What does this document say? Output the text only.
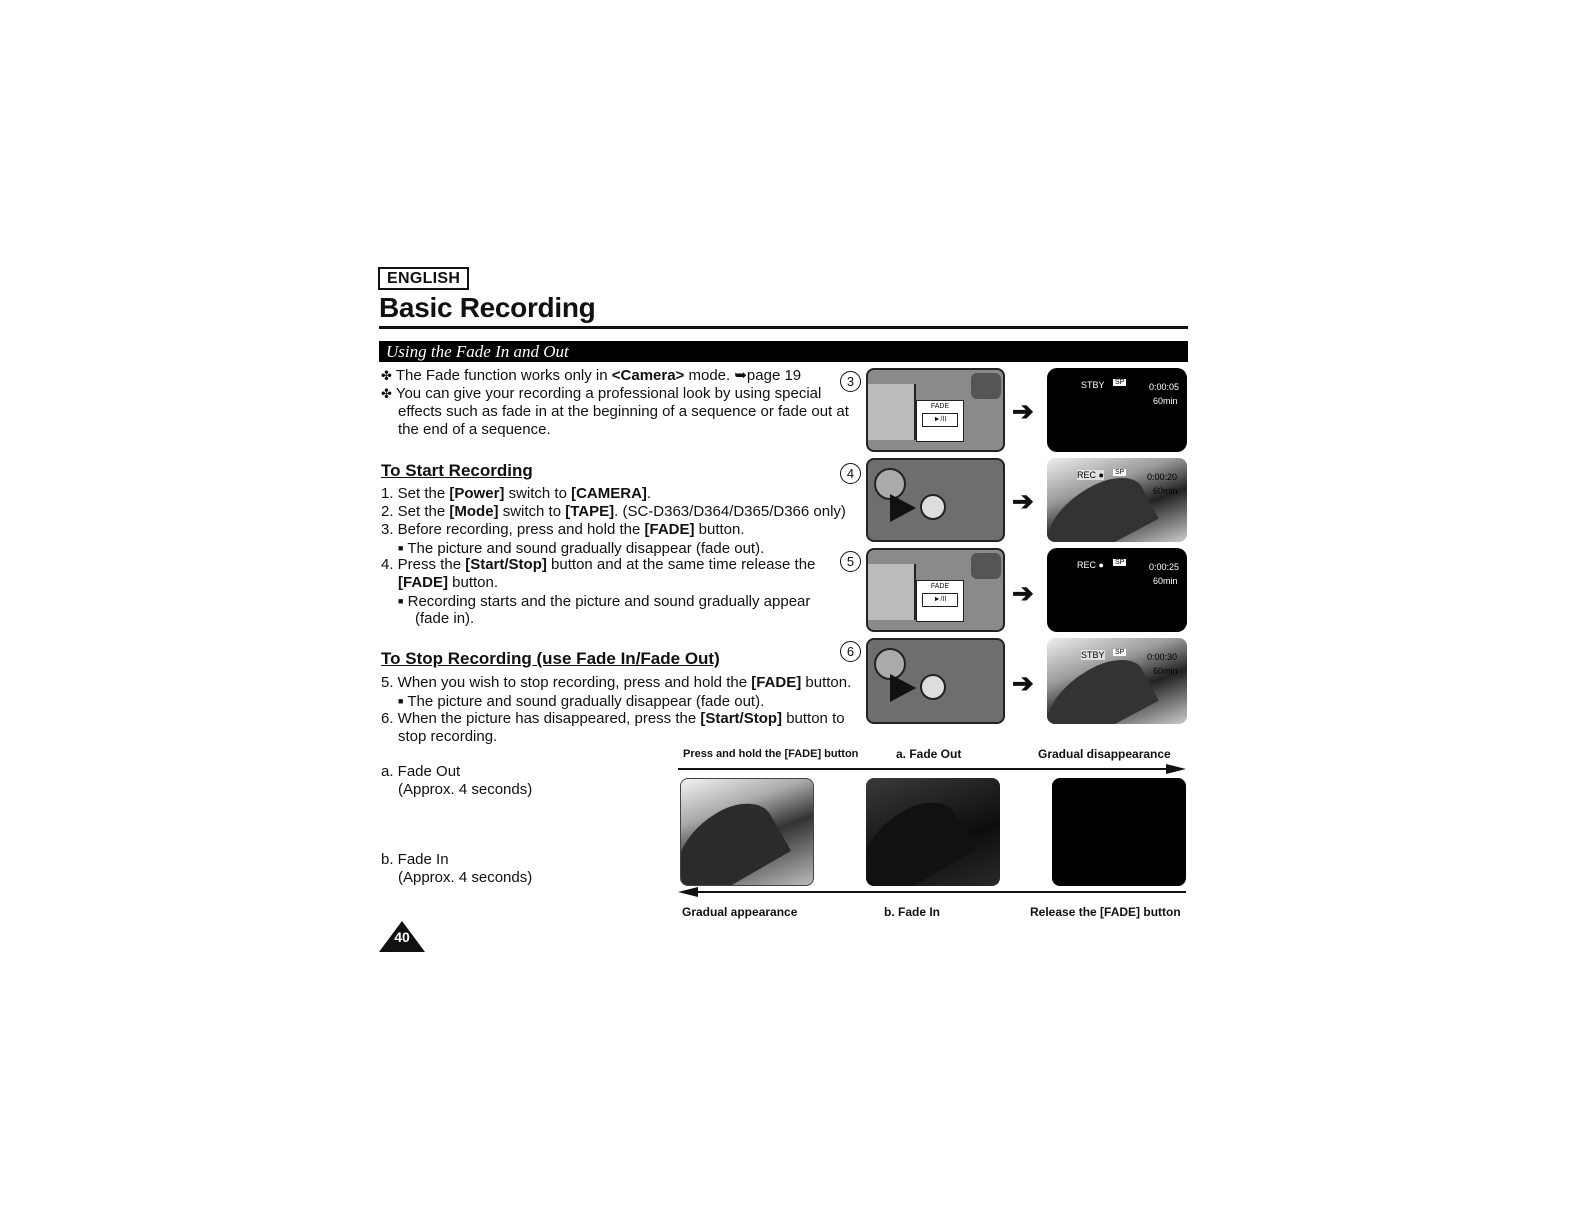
ENGLISH
Basic Recording
Using the Fade In and Out
✤ The Fade function works only in <Camera> mode. ➥page 19
✤ You can give your recording a professional look by using special
effects such as fade in at the beginning of a sequence or fade out at
the end of a sequence.
To Start Recording
1. Set the [Power] switch to [CAMERA].
2. Set the [Mode] switch to [TAPE]. (SC-D363/D364/D365/D366 only)
3. Before recording, press and hold the [FADE] button.
■ The picture and sound gradually disappear (fade out).
4. Press the [Start/Stop] button and at the same time release the
[FADE] button.
■ Recording starts and the picture and sound gradually appear
(fade in).
To Stop Recording (use Fade In/Fade Out)
5. When you wish to stop recording, press and hold the [FADE] button.
■ The picture and sound gradually disappear (fade out).
6. When the picture has disappeared, press the [Start/Stop] button to
stop recording.
a. Fade Out
(Approx. 4 seconds)
b. Fade In
(Approx. 4 seconds)
3
FADE
►/II	➔
STBY SP	0:00:05
60min
4
➔
REC ● SP	0:00:20
60min
5
FADE
►/II	➔
REC ● SP	0:00:25
60min
6
➔
STBY SP	0:00:30
60min
Press and hold the [FADE] button	a. Fade Out	Gradual disappearance
Gradual appearance	b. Fade In	Release the [FADE] button
40
